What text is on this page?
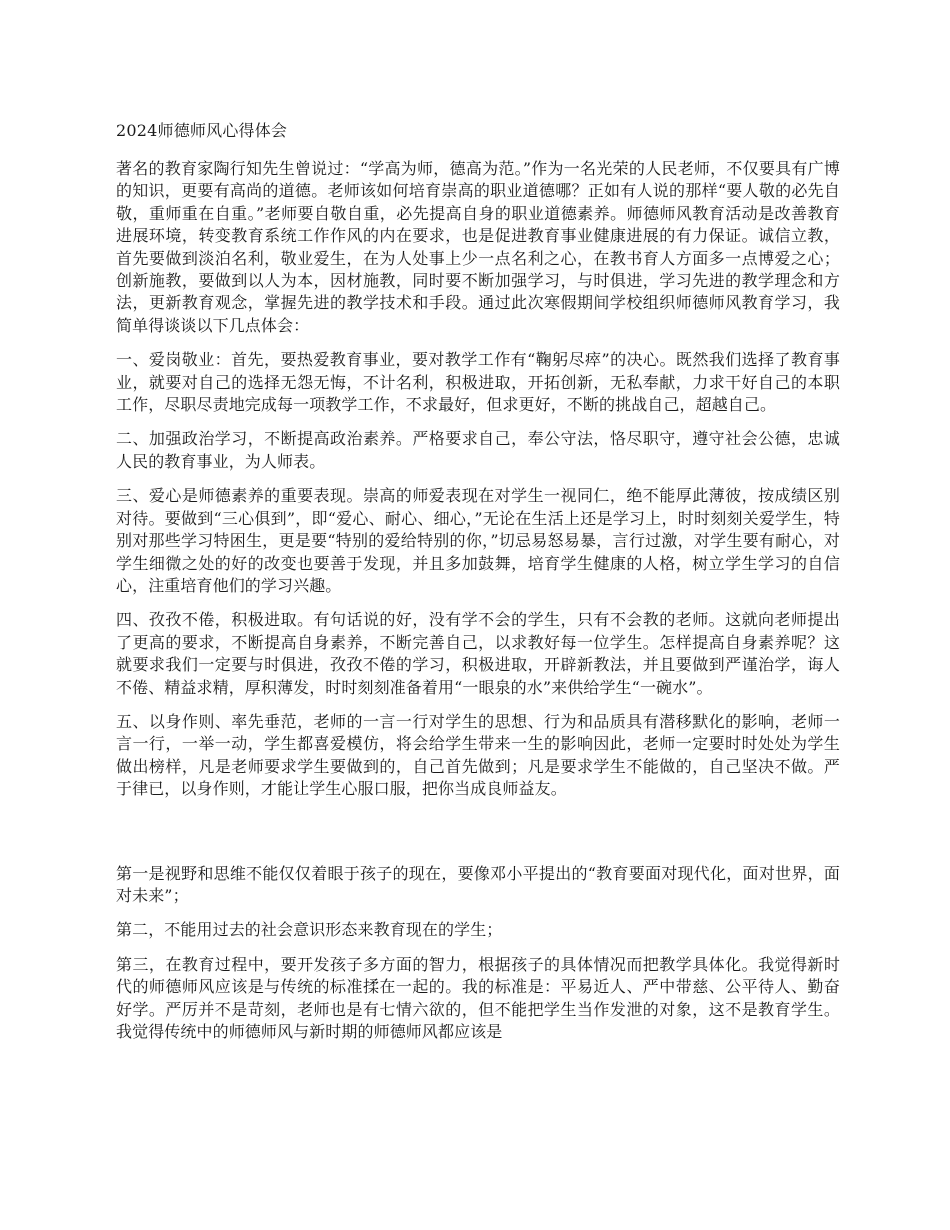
2024师德师风心得体会

著名的教育家陶行知先生曾说过：“学高为师，德高为范。”作为一名光荣的人民老师，不仅要具有广博的知识，更要有高尚的道德。老师该如何培育崇高的职业道德哪？正如有人说的那样“要人敬的必先自敬，重师重在自重。”老师要自敬自重，必先提高自身的职业道德素养。师德师风教育活动是改善教育进展环境，转变教育系统工作作风的内在要求，也是促进教育事业健康进展的有力保证。诚信立教，首先要做到淡泊名利，敬业爱生，在为人处事上少一点名利之心，在教书育人方面多一点博爱之心；创新施教，要做到以人为本，因材施教，同时要不断加强学习，与时俱进，学习先进的教学理念和方法，更新教育观念，掌握先进的教学技术和手段。通过此次寒假期间学校组织师德师风教育学习，我简单得谈谈以下几点体会：

一、爱岗敬业：首先，要热爱教育事业，要对教学工作有“鞠躬尽瘁”的决心。既然我们选择了教育事业，就要对自己的选择无怨无悔，不计名利，积极进取，开拓创新，无私奉献，力求干好自己的本职工作，尽职尽责地完成每一项教学工作，不求最好，但求更好，不断的挑战自己，超越自己。

二、加强政治学习，不断提高政治素养。严格要求自己，奉公守法，恪尽职守，遵守社会公德，忠诚人民的教育事业，为人师表。

三、爱心是师德素养的重要表现。崇高的师爱表现在对学生一视同仁，绝不能厚此薄彼，按成绩区别对待。要做到“三心俱到”，即“爱心、耐心、细心，”无论在生活上还是学习上，时时刻刻关爱学生，特别对那些学习特困生，更是要“特别的爱给特别的你，”切忌易怒易暴，言行过激，对学生要有耐心，对学生细微之处的好的改变也要善于发现，并且多加鼓舞，培育学生健康的人格，树立学生学习的自信心，注重培育他们的学习兴趣。

四、孜孜不倦，积极进取。有句话说的好，没有学不会的学生，只有不会教的老师。这就向老师提出了更高的要求，不断提高自身素养，不断完善自己，以求教好每一位学生。怎样提高自身素养呢？这就要求我们一定要与时俱进，孜孜不倦的学习，积极进取，开辟新教法，并且要做到严谨治学，诲人不倦、精益求精，厚积薄发，时时刻刻准备着用“一眼泉的水”来供给学生“一碗水”。

五、以身作则、率先垂范，老师的一言一行对学生的思想、行为和品质具有潜移默化的影响，老师一言一行，一举一动，学生都喜爱模仿，将会给学生带来一生的影响因此，老师一定要时时处处为学生做出榜样，凡是老师要求学生要做到的，自己首先做到；凡是要求学生不能做的，自己坚决不做。严于律已，以身作则，才能让学生心服口服，把你当成良师益友。

第一是视野和思维不能仅仅着眼于孩子的现在，要像邓小平提出的“教育要面对现代化，面对世界，面对未来”；

第二，不能用过去的社会意识形态来教育现在的学生；

第三，在教育过程中，要开发孩子多方面的智力，根据孩子的具体情况而把教学具体化。我觉得新时代的师德师风应该是与传统的标准揉在一起的。我的标准是：平易近人、严中带慈、公平待人、勤奋好学。严厉并不是苛刻，老师也是有七情六欲的，但不能把学生当作发泄的对象，这不是教育学生。我觉得传统中的师德师风与新时期的师德师风都应该是
